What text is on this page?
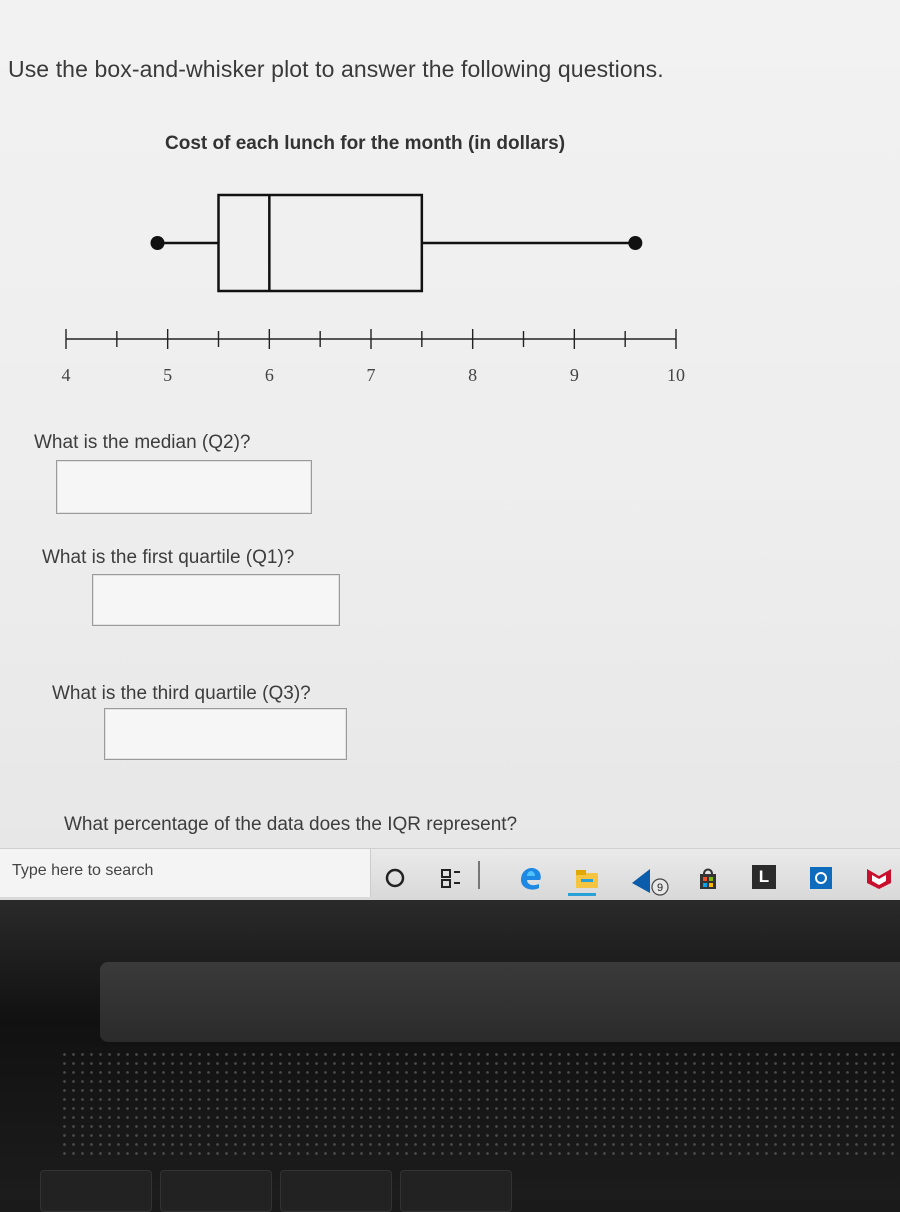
Use the box-and-whisker plot to answer the following questions.
Cost of each lunch for the month (in dollars)
4	5	6	7	8	9	10
What is the median (Q2)?
What is the first quartile (Q1)?
What is the third quartile (Q3)?
What percentage of the data does the IQR represent?
Type here to search
9
L
